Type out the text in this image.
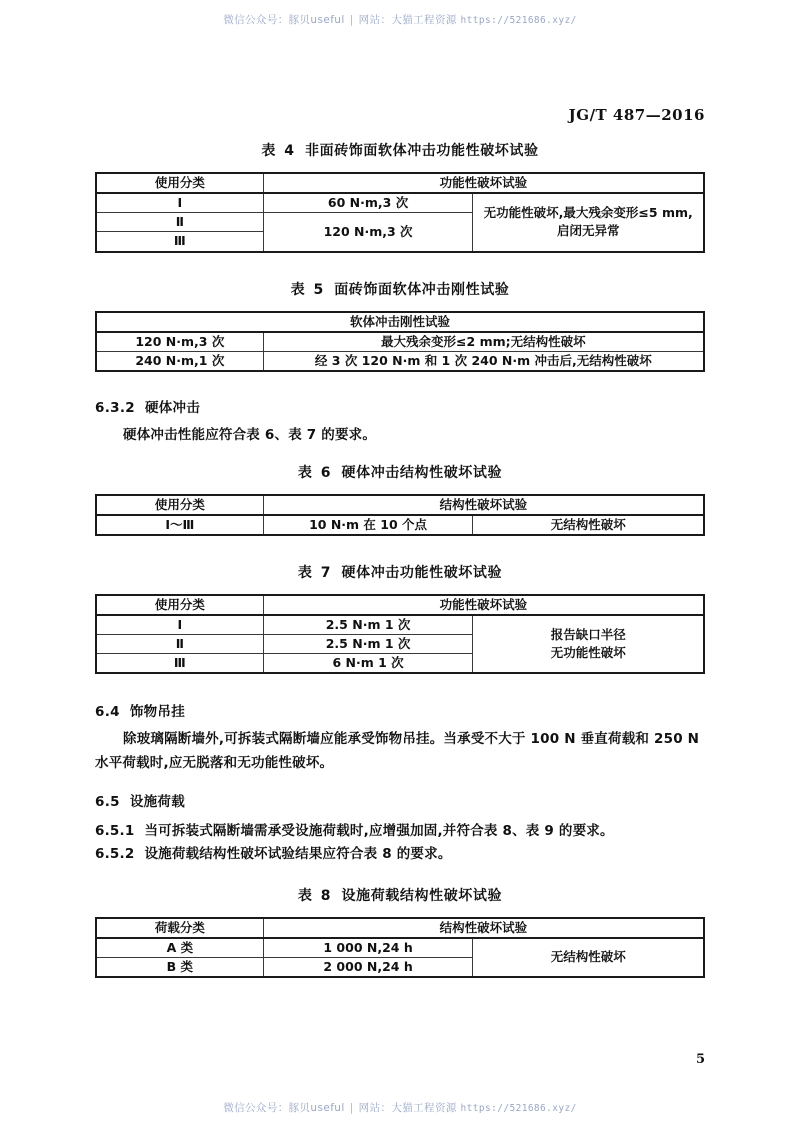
微信公众号：豚贝useful | 网站：大猫工程资源 https://521686.xyz/
JG/T 487—2016
表 4 非面砖饰面软体冲击功能性破坏试验
使用分类	功能性破坏试验	
Ⅰ	60 N·m,3 次	无功能性破坏,最大残余变形≤5 mm,
启闭无异常

Ⅱ	120 N·m,3 次	
Ⅲ		
表 5 面砖饰面软体冲击刚性试验
软体冲击刚性试验	
120 N·m,3 次	最大残余变形≤2 mm;无结构性破坏
240 N·m,1 次	经 3 次 120 N·m 和 1 次 240 N·m 冲击后,无结构性破坏
6.3.2 硬体冲击
硬体冲击性能应符合表 6、表 7 的要求。
表 6 硬体冲击结构性破坏试验
使用分类	结构性破坏试验	
Ⅰ～Ⅲ	10 N·m 在 10 个点	无结构性破坏
表 7 硬体冲击功能性破坏试验
使用分类	功能性破坏试验	
Ⅰ	2.5 N·m 1 次	报告缺口半径
无功能性破坏

Ⅱ	2.5 N·m 1 次	
Ⅲ	6 N·m 1 次	
6.4 饰物吊挂
除玻璃隔断墙外,可拆装式隔断墙应能承受饰物吊挂。当承受不大于 100 N 垂直荷载和 250 N 水平荷载时,应无脱落和无功能性破坏。
6.5 设施荷载
6.5.1 当可拆装式隔断墙需承受设施荷载时,应增强加固,并符合表 8、表 9 的要求。
6.5.2 设施荷载结构性破坏试验结果应符合表 8 的要求。
表 8 设施荷载结构性破坏试验
荷载分类	结构性破坏试验	
A 类	1 000 N,24 h	无结构性破坏
B 类	2 000 N,24 h	
5
微信公众号：豚贝useful | 网站：大猫工程资源 https://521686.xyz/
